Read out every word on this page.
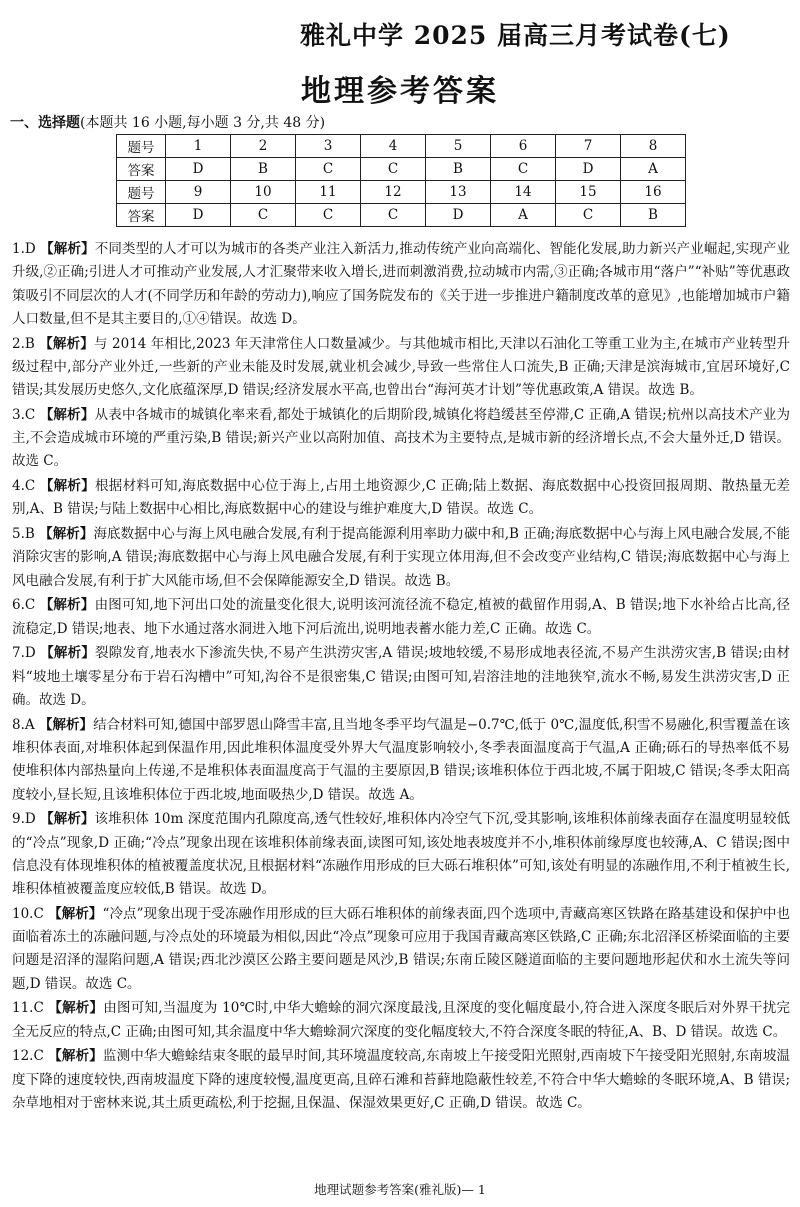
雅礼中学 2025 届高三月考试卷(七)
地理参考答案
一、选择题(本题共 16 小题,每小题 3 分,共 48 分)
题号	1	2	3	4	5	6	7	8
答案	D	B	C	C	B	C	D	A
题号	9	10	11	12	13	14	15	16
答案	D	C	C	C	D	A	C	B

1.D 【解析】不同类型的人才可以为城市的各类产业注入新活力,推动传统产业向高端化、智能化发展,助力新兴产业崛起,实现产业升级,②正确;引进人才可推动产业发展,人才汇聚带来收入增长,进而刺激消费,拉动城市内需,③正确;各城市用“落户”“补贴”等优惠政策吸引不同层次的人才(不同学历和年龄的劳动力),响应了国务院发布的《关于进一步推进户籍制度改革的意见》,也能增加城市户籍人口数量,但不是其主要目的,①④错误。故选 D。

2.B 【解析】与 2014 年相比,2023 年天津常住人口数量减少。与其他城市相比,天津以石油化工等重工业为主,在城市产业转型升级过程中,部分产业外迁,一些新的产业未能及时发展,就业机会减少,导致一些常住人口流失,B 正确;天津是滨海城市,宜居环境好,C 错误;其发展历史悠久,文化底蕴深厚,D 错误;经济发展水平高,也曾出台“海河英才计划”等优惠政策,A 错误。故选 B。

3.C 【解析】从表中各城市的城镇化率来看,都处于城镇化的后期阶段,城镇化将趋缓甚至停滞,C 正确,A 错误;杭州以高技术产业为主,不会造成城市环境的严重污染,B 错误;新兴产业以高附加值、高技术为主要特点,是城市新的经济增长点,不会大量外迁,D 错误。故选 C。

4.C 【解析】根据材料可知,海底数据中心位于海上,占用土地资源少,C 正确;陆上数据、海底数据中心投资回报周期、散热量无差别,A、B 错误;与陆上数据中心相比,海底数据中心的建设与维护难度大,D 错误。故选 C。

5.B 【解析】海底数据中心与海上风电融合发展,有利于提高能源利用率助力碳中和,B 正确;海底数据中心与海上风电融合发展,不能消除灾害的影响,A 错误;海底数据中心与海上风电融合发展,有利于实现立体用海,但不会改变产业结构,C 错误;海底数据中心与海上风电融合发展,有利于扩大风能市场,但不会保障能源安全,D 错误。故选 B。

6.C 【解析】由图可知,地下河出口处的流量变化很大,说明该河流径流不稳定,植被的截留作用弱,A、B 错误;地下水补给占比高,径流稳定,D 错误;地表、地下水通过落水洞进入地下河后流出,说明地表蓄水能力差,C 正确。故选 C。

7.D 【解析】裂隙发育,地表水下渗流失快,不易产生洪涝灾害,A 错误;坡地较缓,不易形成地表径流,不易产生洪涝灾害,B 错误;由材料“坡地土壤零星分布于岩石沟槽中”可知,沟谷不是很密集,C 错误;由图可知,岩溶洼地的洼地狭窄,流水不畅,易发生洪涝灾害,D 正确。故选 D。

8.A 【解析】结合材料可知,德国中部罗恩山降雪丰富,且当地冬季平均气温是−0.7℃,低于 0℃,温度低,积雪不易融化,积雪覆盖在该堆积体表面,对堆积体起到保温作用,因此堆积体温度受外界大气温度影响较小,冬季表面温度高于气温,A 正确;砾石的导热率低不易使堆积体内部热量向上传递,不是堆积体表面温度高于气温的主要原因,B 错误;该堆积体位于西北坡,不属于阳坡,C 错误;冬季太阳高度较小,昼长短,且该堆积体位于西北坡,地面吸热少,D 错误。故选 A。

9.D 【解析】该堆积体 10m 深度范围内孔隙度高,透气性较好,堆积体内冷空气下沉,受其影响,该堆积体前缘表面存在温度明显较低的“冷点”现象,D 正确;“冷点”现象出现在该堆积体前缘表面,读图可知,该处地表坡度并不小,堆积体前缘厚度也较薄,A、C 错误;图中信息没有体现堆积体的植被覆盖度状况,且根据材料“冻融作用形成的巨大砾石堆积体”可知,该处有明显的冻融作用,不利于植被生长,堆积体植被覆盖度应较低,B 错误。故选 D。

10.C 【解析】“冷点”现象出现于受冻融作用形成的巨大砾石堆积体的前缘表面,四个选项中,青藏高寒区铁路在路基建设和保护中也面临着冻土的冻融问题,与冷点处的环境最为相似,因此“冷点”现象可应用于我国青藏高寒区铁路,C 正确;东北沼泽区桥梁面临的主要问题是沼泽的湿陷问题,A 错误;西北沙漠区公路主要问题是风沙,B 错误;东南丘陵区隧道面临的主要问题地形起伏和水土流失等问题,D 错误。故选 C。

11.C 【解析】由图可知,当温度为 10℃时,中华大蟾蜍的洞穴深度最浅,且深度的变化幅度最小,符合进入深度冬眠后对外界干扰完全无反应的特点,C 正确;由图可知,其余温度中华大蟾蜍洞穴深度的变化幅度较大,不符合深度冬眠的特征,A、B、D 错误。故选 C。

12.C 【解析】监测中华大蟾蜍结束冬眠的最早时间,其环境温度较高,东南坡上午接受阳光照射,西南坡下午接受阳光照射,东南坡温度下降的速度较快,西南坡温度下降的速度较慢,温度更高,且碎石滩和苔藓地隐蔽性较差,不符合中华大蟾蜍的冬眠环境,A、B 错误;杂草地相对于密林来说,其土质更疏松,利于挖掘,且保温、保湿效果更好,C 正确,D 错误。故选 C。

地理试题参考答案(雅礼版)— 1
